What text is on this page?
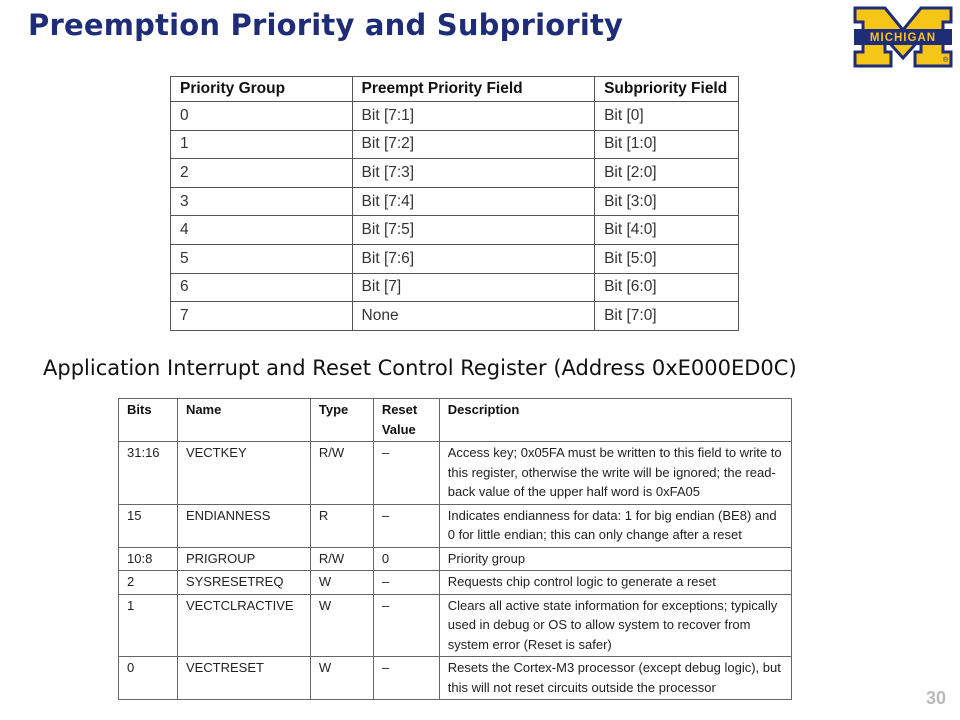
Preemption Priority and Subpriority	MICHIGAN
®
Priority Group	Preempt Priority Field	Subpriority Field
0	Bit [7:1]	Bit [0]
1	Bit [7:2]	Bit [1:0]
2	Bit [7:3]	Bit [2:0]
3	Bit [7:4]	Bit [3:0]
4	Bit [7:5]	Bit [4:0]
5	Bit [7:6]	Bit [5:0]
6	Bit [7]	Bit [6:0]
7	None	Bit [7:0]
Application Interrupt and Reset Control Register (Address 0xE000ED0C)
Bits	Name	Type	Reset Value	Description
31:16	VECTKEY	R/W	–	Access key; 0x05FA must be written to this field to write to this register, otherwise the write will be ignored; the read-back value of the upper half word is 0xFA05
15	ENDIANNESS	R	–	Indicates endianness for data: 1 for big endian (BE8) and 0 for little endian; this can only change after a reset
10:8	PRIGROUP	R/W	0	Priority group
2	SYSRESETREQ	W	–	Requests chip control logic to generate a reset
1	VECTCLRACTIVE	W	–	Clears all active state information for exceptions; typically used in debug or OS to allow system to recover from system error (Reset is safer)
0	VECTRESET	W	–	Resets the Cortex-M3 processor (except debug logic), but this will not reset circuits outside the processor
30
